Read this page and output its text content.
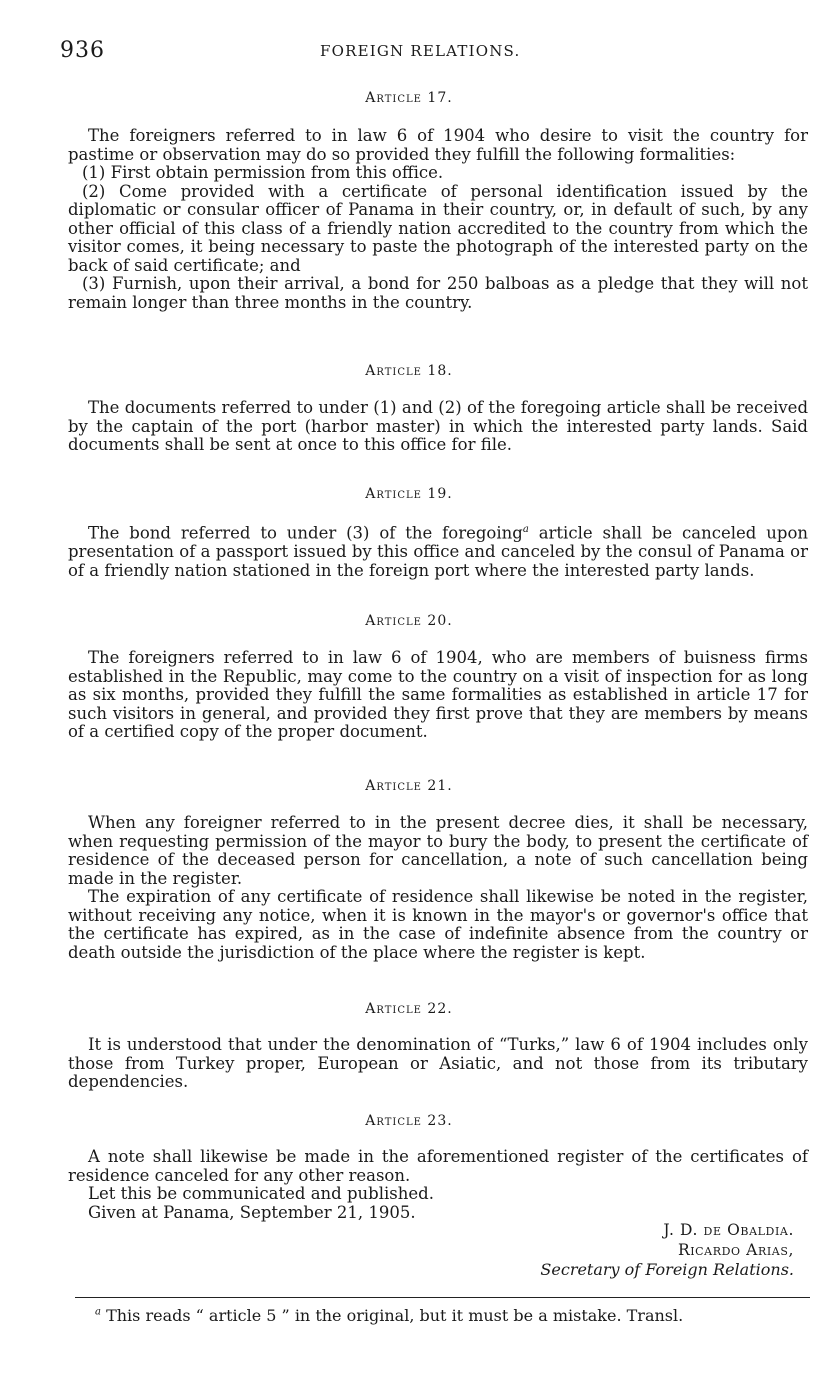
936	FOREIGN RELATIONS.
Article 17.

The foreigners referred to in law 6 of 1904 who desire to visit the country for pastime or observation may do so provided they fulfill the following formalities:

(1) First obtain permission from this office.

(2) Come provided with a certificate of personal identification issued by the diplomatic or consular officer of Panama in their country, or, in default of such, by any other official of this class of a friendly nation accredited to the country from which the visitor comes, it being necessary to paste the photograph of the interested party on the back of said certificate; and

(3) Furnish, upon their arrival, a bond for 250 balboas as a pledge that they will not remain longer than three months in the country.

Article 18.

The documents referred to under (1) and (2) of the foregoing article shall be received by the captain of the port (harbor master) in which the interested party lands. Said documents shall be sent at once to this office for file.

Article 19.

The bond referred to under (3) of the foregoing$^a$ article shall be canceled upon presentation of a passport issued by this office and canceled by the consul of Panama or of a friendly nation stationed in the foreign port where the interested party lands.

Article 20.

The foreigners referred to in law 6 of 1904, who are members of buisness firms established in the Republic, may come to the country on a visit of inspection for as long as six months, provided they fulfill the same formalities as established in article 17 for such visitors in general, and provided they first prove that they are members by means of a certified copy of the proper document.

Article 21.

When any foreigner referred to in the present decree dies, it shall be necessary, when requesting permission of the mayor to bury the body, to present the certificate of residence of the deceased person for cancellation, a note of such cancellation being made in the register.

The expiration of any certificate of residence shall likewise be noted in the register, without receiving any notice, when it is known in the mayor's or governor's office that the certificate has expired, as in the case of indefinite absence from the country or death outside the jurisdiction of the place where the register is kept.

Article 22.

It is understood that under the denomination of “Turks,” law 6 of 1904 includes only those from Turkey proper, European or Asiatic, and not those from its tributary dependencies.

Article 23.

A note shall likewise be made in the aforementioned register of the certificates of residence canceled for any other reason.

Let this be communicated and published.

Given at Panama, September 21, 1905.

J. D. de Obaldia.
Ricardo Arias,
Secretary of Foreign Relations.
$^a$ This reads “ article 5 ” in the original, but it must be a mistake. Transl.
